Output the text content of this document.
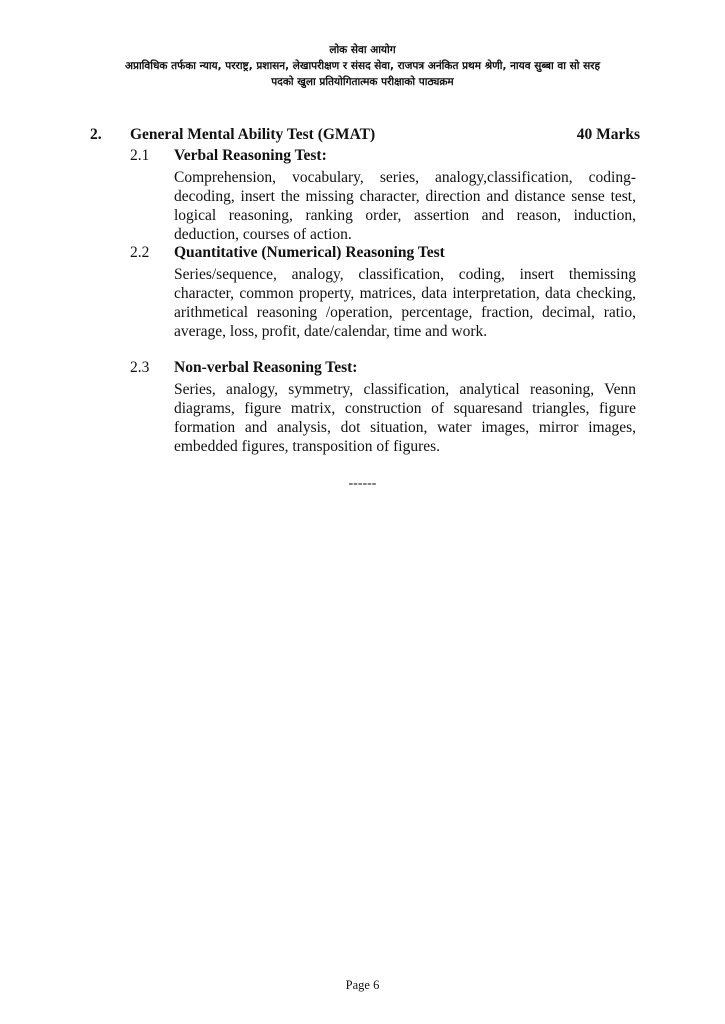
लोक सेवा आयोग
अप्राविधिक तर्फका न्याय, परराष्ट्र, प्रशासन, लेखापरीक्षण र संसद सेवा, राजपत्र अनंकित प्रथम श्रेणी, नायव सुब्बा वा सो सरह
पदको खुला प्रतियोगितात्मक परीक्षाको पाठ्यक्रम
2. General Mental Ability Test (GMAT)	40 Marks
2.1 Verbal Reasoning Test:

Comprehension, vocabulary, series, analogy,classification, coding-decoding, insert the missing character, direction and distance sense test, logical reasoning, ranking order, assertion and reason, induction, deduction, courses of action.

2.2 Quantitative (Numerical) Reasoning Test

Series/sequence, analogy, classification, coding, insert themissing character, common property, matrices, data interpretation, data checking, arithmetical reasoning /operation, percentage, fraction, decimal, ratio, average, loss, profit, date/calendar, time and work.

2.3 Non-verbal Reasoning Test:

Series, analogy, symmetry, classification, analytical reasoning, Venn diagrams, figure matrix, construction of squaresand triangles, figure formation and analysis, dot situation, water images, mirror images, embedded figures, transposition of figures.

------
Page 6
